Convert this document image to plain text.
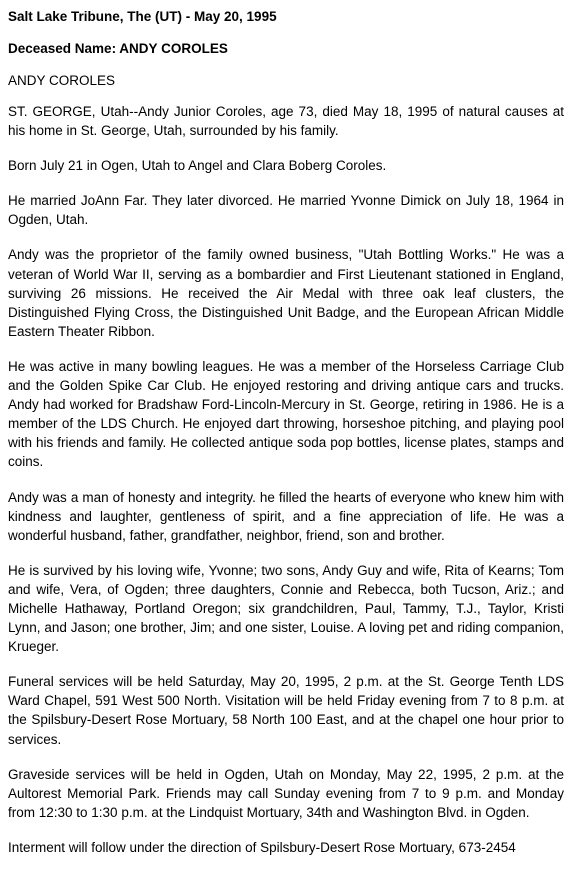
Salt Lake Tribune, The (UT) - May 20, 1995
Deceased Name: ANDY COROLES
ANDY COROLES

ST. GEORGE, Utah--Andy Junior Coroles, age 73, died May 18, 1995 of natural causes at his home in St. George, Utah, surrounded by his family.

Born July 21 in Ogen, Utah to Angel and Clara Boberg Coroles.

He married JoAnn Far. They later divorced. He married Yvonne Dimick on July 18, 1964 in Ogden, Utah.

Andy was the proprietor of the family owned business, "Utah Bottling Works." He was a veteran of World War II, serving as a bombardier and First Lieutenant stationed in England, surviving 26 missions. He received the Air Medal with three oak leaf clusters, the Distinguished Flying Cross, the Distinguished Unit Badge, and the European African Middle Eastern Theater Ribbon.

He was active in many bowling leagues. He was a member of the Horseless Carriage Club and the Golden Spike Car Club. He enjoyed restoring and driving antique cars and trucks. Andy had worked for Bradshaw Ford-Lincoln-Mercury in St. George, retiring in 1986. He is a member of the LDS Church. He enjoyed dart throwing, horseshoe pitching, and playing pool with his friends and family. He collected antique soda pop bottles, license plates, stamps and coins.

Andy was a man of honesty and integrity. he filled the hearts of everyone who knew him with kindness and laughter, gentleness of spirit, and a fine appreciation of life. He was a wonderful husband, father, grandfather, neighbor, friend, son and brother.

He is survived by his loving wife, Yvonne; two sons, Andy Guy and wife, Rita of Kearns; Tom and wife, Vera, of Ogden; three daughters, Connie and Rebecca, both Tucson, Ariz.; and Michelle Hathaway, Portland Oregon; six grandchildren, Paul, Tammy, T.J., Taylor, Kristi Lynn, and Jason; one brother, Jim; and one sister, Louise. A loving pet and riding companion, Krueger.

Funeral services will be held Saturday, May 20, 1995, 2 p.m. at the St. George Tenth LDS Ward Chapel, 591 West 500 North. Visitation will be held Friday evening from 7 to 8 p.m. at the Spilsbury-Desert Rose Mortuary, 58 North 100 East, and at the chapel one hour prior to services.

Graveside services will be held in Ogden, Utah on Monday, May 22, 1995, 2 p.m. at the Aultorest Memorial Park. Friends may call Sunday evening from 7 to 9 p.m. and Monday from 12:30 to 1:30 p.m. at the Lindquist Mortuary, 34th and Washington Blvd. in Ogden.

Interment will follow under the direction of Spilsbury-Desert Rose Mortuary, 673-2454
